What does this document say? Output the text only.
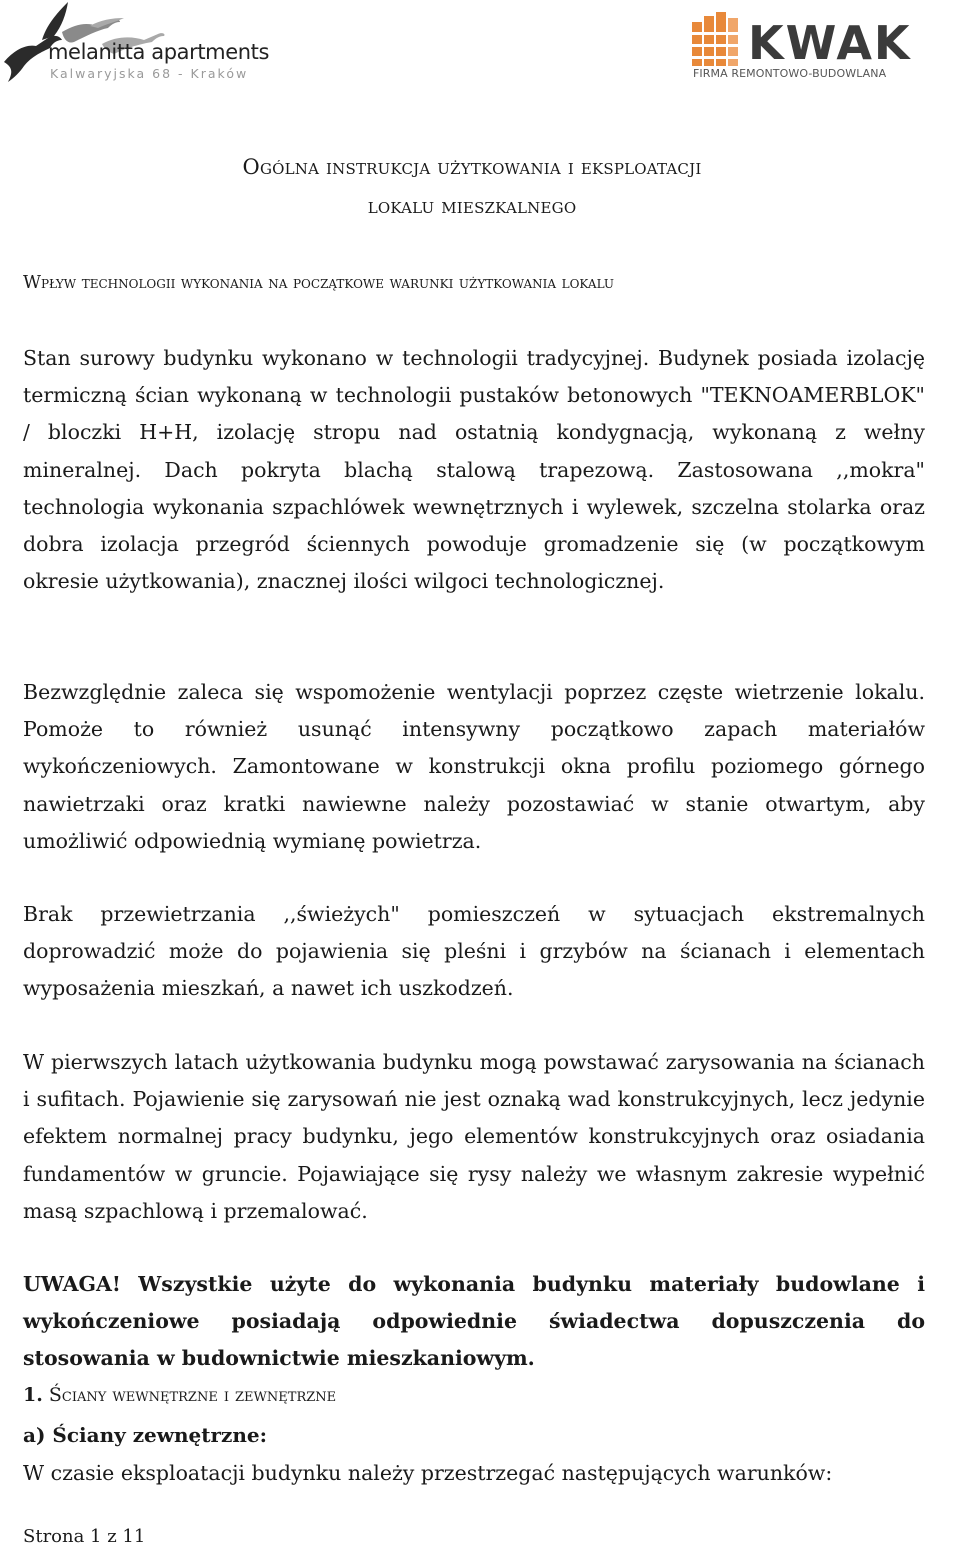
melanitta apartments
Kalwaryjska 68 - Kraków
KWAK
FIRMA REMONTOWO-BUDOWLANA
Ogólna instrukcja użytkowania i eksploatacji
lokalu mieszkalnego
Wpływ technologii wykonania na początkowe warunki użytkowania lokalu

Stan surowy budynku wykonano w technologii tradycyjnej. Budynek posiada izolację termiczną ścian wykonaną w technologii pustaków betonowych "TEKNOAMERBLOK" / bloczki H+H, izolację stropu nad ostatnią kondygnacją, wykonaną z wełny mineralnej. Dach pokryta blachą stalową trapezową. Zastosowana ,,mokra" technologia wykonania szpachlówek wewnętrznych i wylewek, szczelna stolarka oraz dobra izolacja przegród ściennych powoduje gromadzenie się (w początkowym okresie użytkowania), znacznej ilości wilgoci technologicznej.

Bezwzględnie zaleca się wspomożenie wentylacji poprzez częste wietrzenie lokalu. Pomoże to również usunąć intensywny początkowo zapach materiałów wykończeniowych. Zamontowane w konstrukcji okna profilu poziomego górnego nawietrzaki oraz kratki nawiewne należy pozostawiać w stanie otwartym, aby umożliwić odpowiednią wymianę powietrza.

Brak przewietrzania ,,świeżych" pomieszczeń w sytuacjach ekstremalnych doprowadzić może do pojawienia się pleśni i grzybów na ścianach i elementach wyposażenia mieszkań, a nawet ich uszkodzeń.

W pierwszych latach użytkowania budynku mogą powstawać zarysowania na ścianach i sufitach. Pojawienie się zarysowań nie jest oznaką wad konstrukcyjnych, lecz jedynie efektem normalnej pracy budynku, jego elementów konstrukcyjnych oraz osiadania fundamentów w gruncie. Pojawiające się rysy należy we własnym zakresie wypełnić masą szpachlową i przemalować.

UWAGA! Wszystkie użyte do wykonania budynku materiały budowlane i wykończeniowe posiadają odpowiednie świadectwa dopuszczenia do stosowania w budownictwie mieszkaniowym.

1. Ściany wewnętrzne i zewnętrzne
a) Ściany zewnętrzne:
W czasie eksploatacji budynku należy przestrzegać następujących warunków:
Strona 1 z 11
